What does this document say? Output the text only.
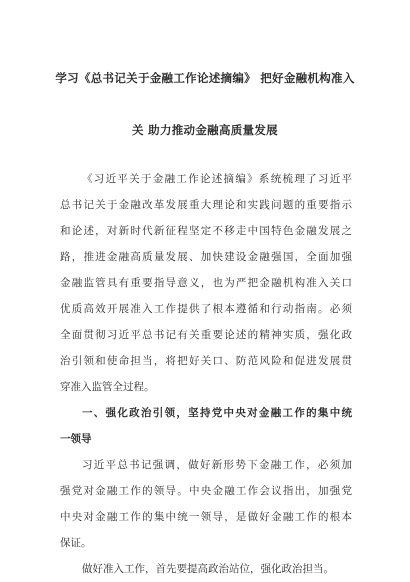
学习《总书记关于金融工作论述摘编》 把好金融机构准入
关 助力推动金融高质量发展
《习近平关于金融工作论述摘编》系统梳理了习近平
总书记关于金融改革发展重大理论和实践问题的重要指示
和论述，对新时代新征程坚定不移走中国特色金融发展之
路，推进金融高质量发展、加快建设金融强国，全面加强
金融监管具有重要指导意义，也为严把金融机构准入关口
优质高效开展准入工作提供了根本遵循和行动指南。必须
全面贯彻习近平总书记有关重要论述的精神实质，强化政
治引领和使命担当，将把好关口、防范风险和促进发展贯
穿准入监管全过程。
一、强化政治引领，坚持党中央对金融工作的集中统
一领导
习近平总书记强调，做好新形势下金融工作，必须加
强党对金融工作的领导。中央金融工作会议指出，加强党
中央对金融工作的集中统一领导，是做好金融工作的根本
保证。
做好准入工作，首先要提高政治站位，强化政治担当。
